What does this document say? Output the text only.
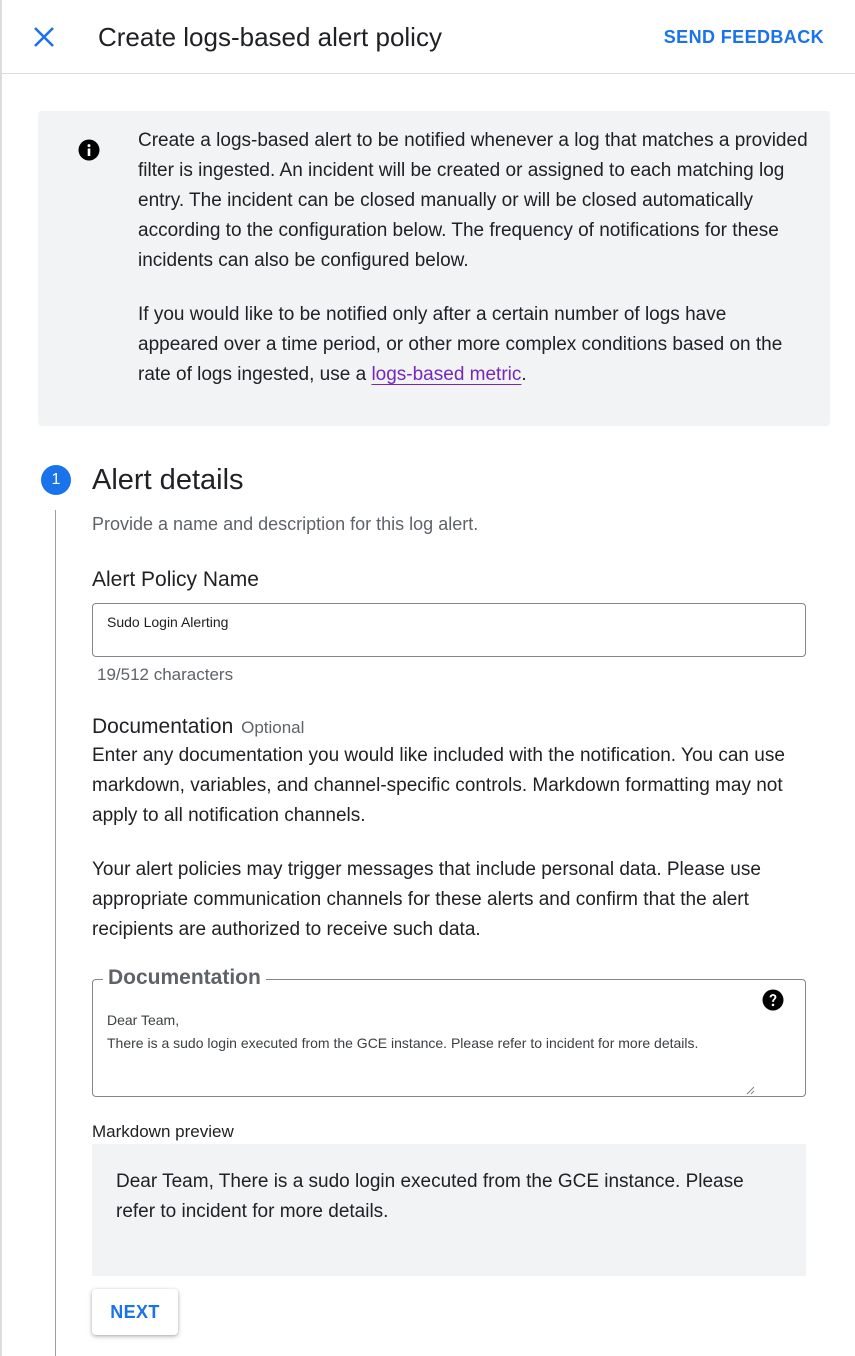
Create logs-based alert policy	SEND FEEDBACK

Create a logs-based alert to be notified whenever a log that matches a provided filter is ingested. An incident will be created or assigned to each matching log entry. The incident can be closed manually or will be closed automatically according to the configuration below. The frequency of notifications for these incidents can also be configured below.

If you would like to be notified only after a certain number of logs have appeared over a time period, or other more complex conditions based on the rate of logs ingested, use a logs-based metric.

1	Alert details
Provide a name and description for this log alert.
Alert Policy Name
Sudo Login Alerting
19/512 characters
Documentation Optional
Enter any documentation you would like included with the notification. You can use markdown, variables, and channel-specific controls. Markdown formatting may not apply to all notification channels.
Your alert policies may trigger messages that include personal data. Please use appropriate communication channels for these alerts and confirm that the alert recipients are authorized to receive such data.
Documentation
Dear Team,
There is a sudo login executed from the GCE instance. Please refer to incident for more details.
Markdown preview
Dear Team, There is a sudo login executed from the GCE instance. Please refer to incident for more details.
NEXT
